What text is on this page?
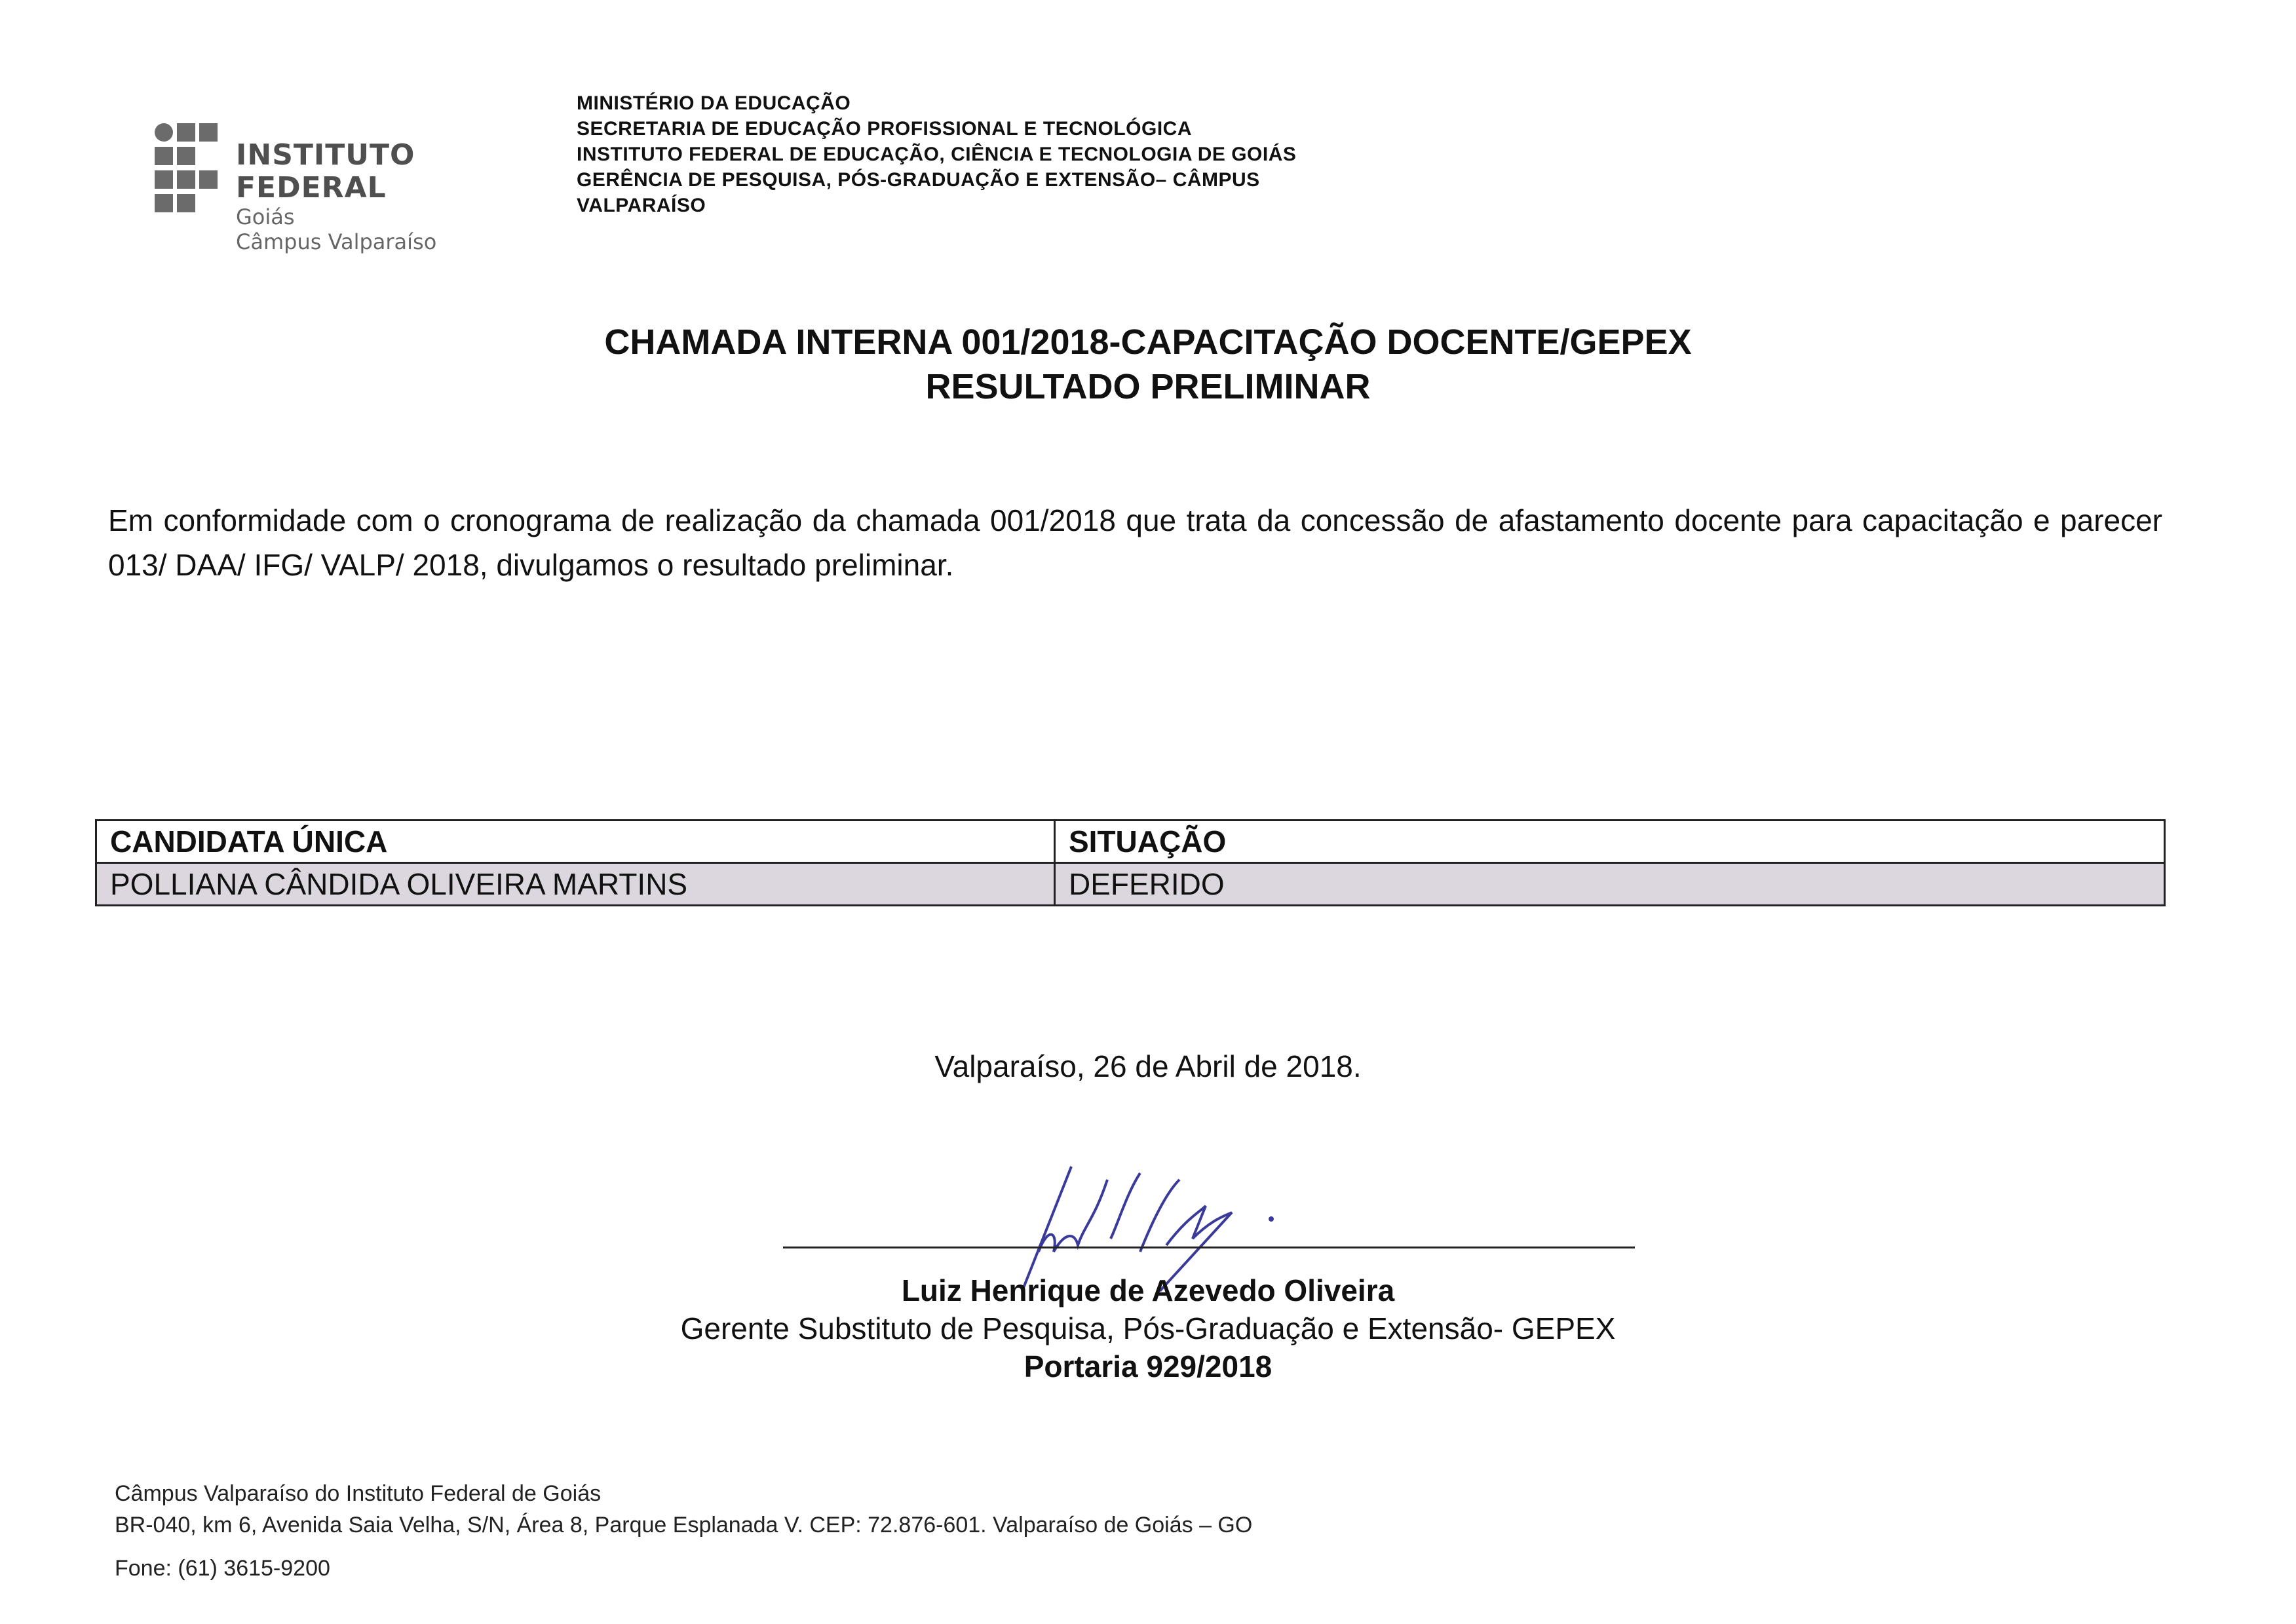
INSTITUTO FEDERAL
Goiás
Câmpus Valparaíso
MINISTÉRIO DA EDUCAÇÃO
SECRETARIA DE EDUCAÇÃO PROFISSIONAL E TECNOLÓGICA
INSTITUTO FEDERAL DE EDUCAÇÃO, CIÊNCIA E TECNOLOGIA DE GOIÁS
GERÊNCIA DE PESQUISA, PÓS-GRADUAÇÃO E EXTENSÃO– CÂMPUS
VALPARAÍSO
CHAMADA INTERNA 001/2018-CAPACITAÇÃO DOCENTE/GEPEX
RESULTADO PRELIMINAR
Em conformidade com o cronograma de realização da chamada 001/2018 que trata da concessão de afastamento docente para capacitação e parecer 013/ DAA/ IFG/ VALP/ 2018, divulgamos o resultado preliminar.
CANDIDATA ÚNICA	SITUAÇÃO
POLLIANA CÂNDIDA OLIVEIRA MARTINS	DEFERIDO
Valparaíso, 26 de Abril de 2018.
Luiz Henrique de Azevedo Oliveira
Gerente Substituto de Pesquisa, Pós-Graduação e Extensão- GEPEX
Portaria 929/2018
Câmpus Valparaíso do Instituto Federal de Goiás
BR-040, km 6, Avenida Saia Velha, S/N, Área 8, Parque Esplanada V. CEP: 72.876-601. Valparaíso de Goiás – GO
Fone: (61) 3615-9200
